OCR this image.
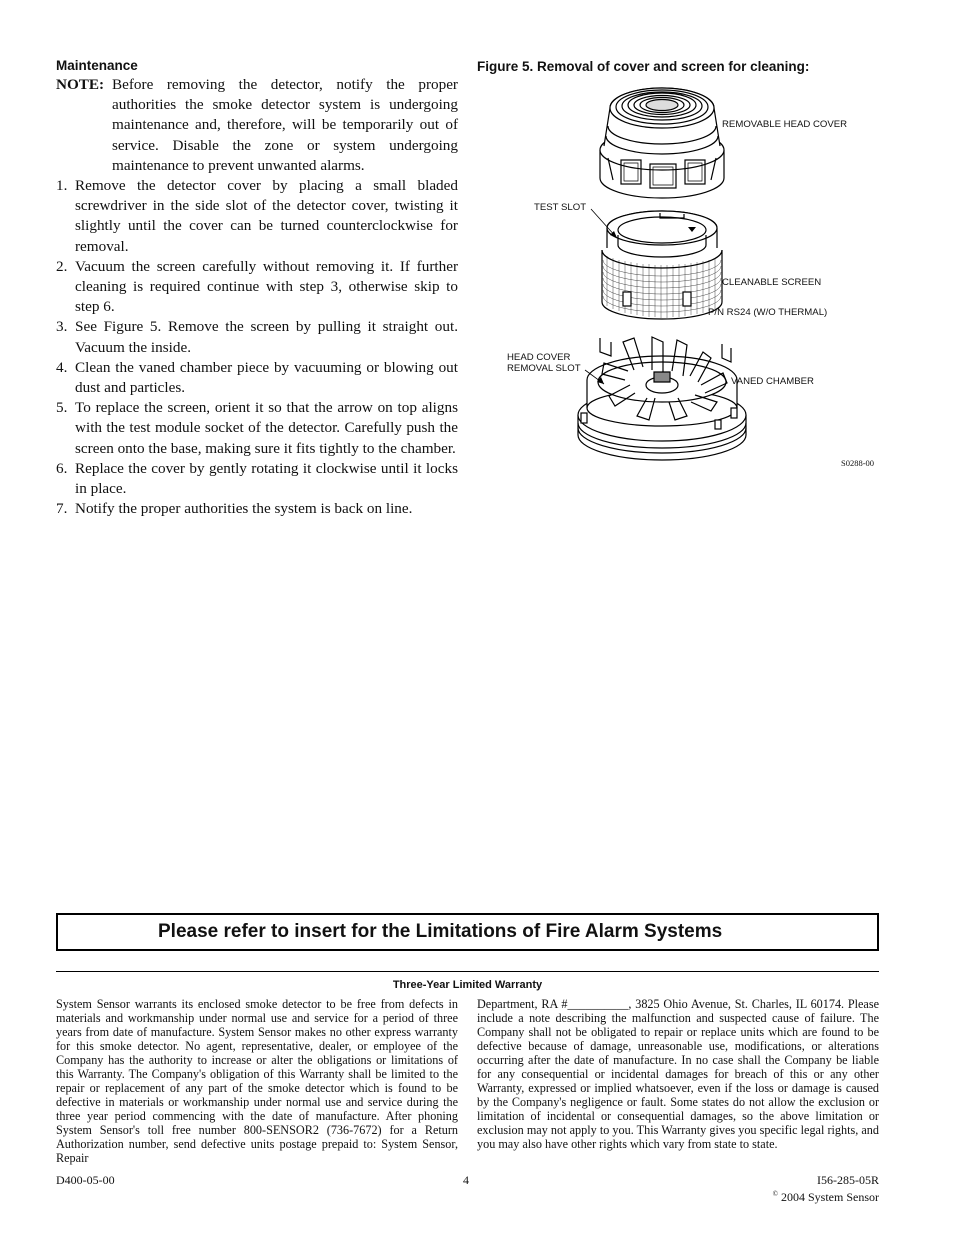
Maintenance
NOTE: Before removing the detector, notify the proper authorities the smoke detector system is undergoing maintenance and, therefore, will be temporarily out of service. Disable the zone or system undergoing maintenance to prevent unwanted alarms.
1. Remove the detector cover by placing a small bladed screwdriver in the side slot of the detector cover, twisting it slightly until the cover can be turned counterclockwise for removal.
2. Vacuum the screen carefully without removing it. If further cleaning is required continue with step 3, otherwise skip to step 6.
3. See Figure 5. Remove the screen by pulling it straight out. Vacuum the inside.
4. Clean the vaned chamber piece by vacuuming or blowing out dust and particles.
5. To replace the screen, orient it so that the arrow on top aligns with the test module socket of the detector. Carefully push the screen onto the base, making sure it fits tightly to the chamber.
6. Replace the cover by gently rotating it clockwise until it locks in place.
7. Notify the proper authorities the system is back on line.
Figure 5. Removal of cover and screen for cleaning:
REMOVABLE HEAD COVER
TEST SLOT
CLEANABLE SCREEN
P/N RS24 (W/O THERMAL)
HEAD COVER
REMOVAL SLOT
VANED CHAMBER
S0288-00
Please refer to insert for the Limitations of Fire Alarm Systems
Three-Year Limited Warranty
System Sensor warrants its enclosed smoke detector to be free from defects in materials and workmanship under normal use and service for a period of three years from date of manufacture. System Sensor makes no other express warranty for this smoke detector. No agent, representative, dealer, or employee of the Company has the authority to increase or alter the obligations or limitations of this Warranty. The Company's obligation of this Warranty shall be limited to the repair or replacement of any part of the smoke detector which is found to be defective in materials or workmanship under normal use and service during the three year period commencing with the date of manufacture. After phoning System Sensor's toll free number 800-SENSOR2 (736-7672) for a Return Authorization number, send defective units postage prepaid to: System Sensor, Repair
Department, RA #__________, 3825 Ohio Avenue, St. Charles, IL 60174. Please include a note describing the malfunction and suspected cause of failure. The Company shall not be obligated to repair or replace units which are found to be defective because of damage, unreasonable use, modifications, or alterations occurring after the date of manufacture. In no case shall the Company be liable for any consequential or incidental damages for breach of this or any other Warranty, expressed or implied whatsoever, even if the loss or damage is caused by the Company's negligence or fault. Some states do not allow the exclusion or limitation of incidental or consequential damages, so the above limitation or exclusion may not apply to you. This Warranty gives you specific legal rights, and you may also have other rights which vary from state to state.
D400-05-00	4	I56-285-05R
© 2004 System Sensor
